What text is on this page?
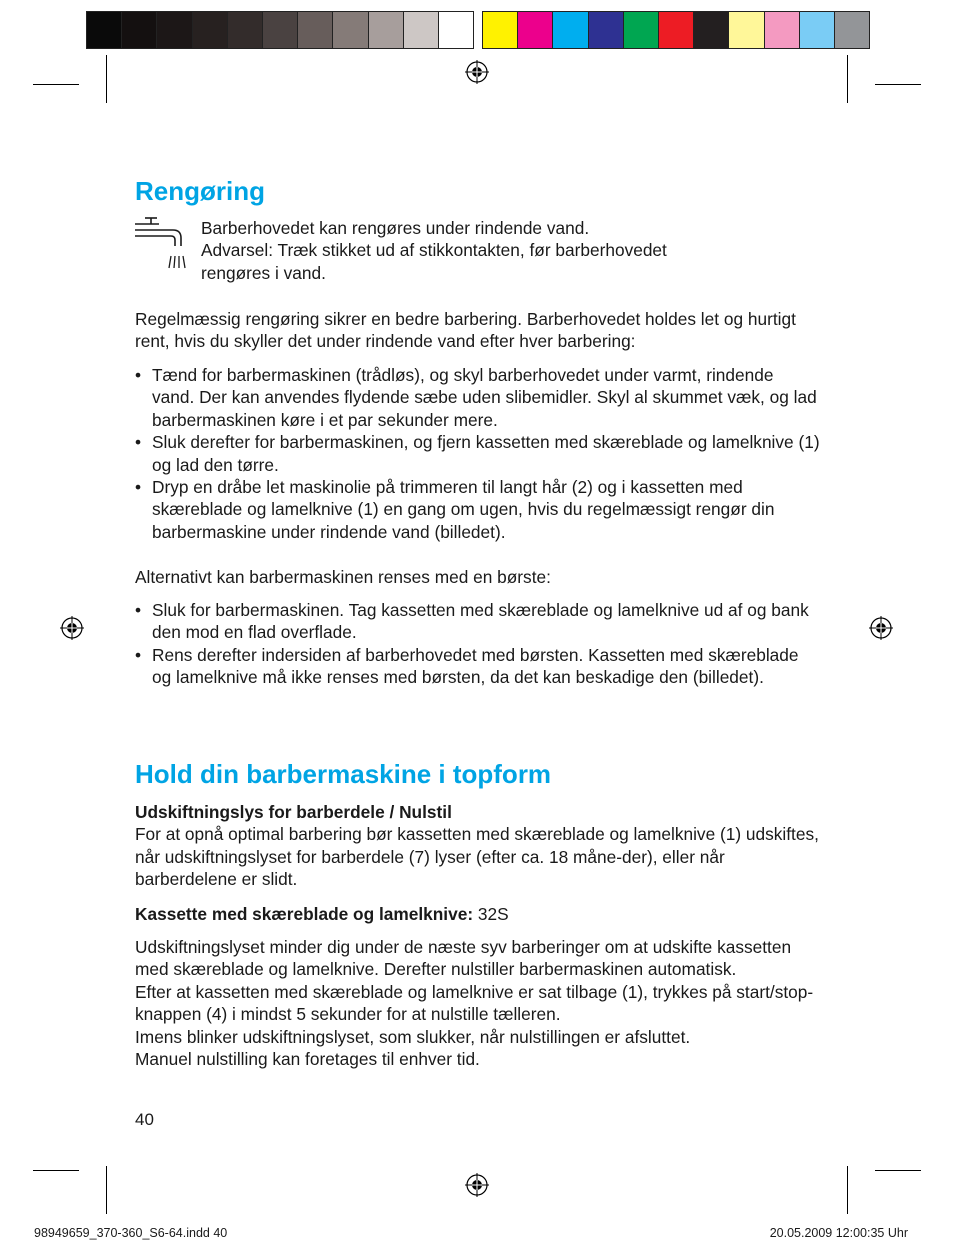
Rengøring

Barberhovedet kan rengøres under rindende vand.

Advarsel: Træk stikket ud af stikkontakten, før barberhovedet

rengøres i vand.

Regelmæssig rengøring sikrer en bedre barbering. Barberhovedet holdes let og hurtigt rent, hvis du skyller det under rindende vand efter hver barbering:

• Tænd for barbermaskinen (trådløs), og skyl barberhovedet under varmt, rindende vand. Der kan anvendes flydende sæbe uden slibemidler. Skyl al skummet væk, og lad barbermaskinen køre i et par sekunder mere.
• Sluk derefter for barbermaskinen, og fjern kassetten med skæreblade og lamelknive (1) og lad den tørre.
• Dryp en dråbe let maskinolie på trimmeren til langt hår (2) og i kassetten med skæreblade og lamelknive (1) en gang om ugen, hvis du regelmæssigt rengør din barbermaskine under rindende vand (billedet).

Alternativt kan barbermaskinen renses med en børste:

• Sluk for barbermaskinen. Tag kassetten med skæreblade og lamelknive ud af og bank den mod en flad overflade.
• Rens derefter indersiden af barberhovedet med børsten. Kassetten med skæreblade og lamelknive må ikke renses med børsten, da det kan beskadige den (billedet).
Hold din barbermaskine i topform

Udskiftningslys for barberdele / Nulstil

For at opnå optimal barbering bør kassetten med skæreblade og lamelknive (1) udskiftes, når udskiftningslyset for barberdele (7) lyser (efter ca. 18 måne-der), eller når barberdelene er slidt.

Kassette med skæreblade og lamelknive: 32S

Udskiftningslyset minder dig under de næste syv barberinger om at udskifte kassetten med skæreblade og lamelknive. Derefter nulstiller barbermaskinen automatisk.

Efter at kassetten med skæreblade og lamelknive er sat tilbage (1), trykkes på start/stop-knappen (4) i mindst 5 sekunder for at nulstille tælleren.

Imens blinker udskiftningslyset, som slukker, når nulstillingen er afsluttet.

Manuel nulstilling kan foretages til enhver tid.

40
98949659_370-360_S6-64.indd 40	20.05.2009 12:00:35 Uhr
